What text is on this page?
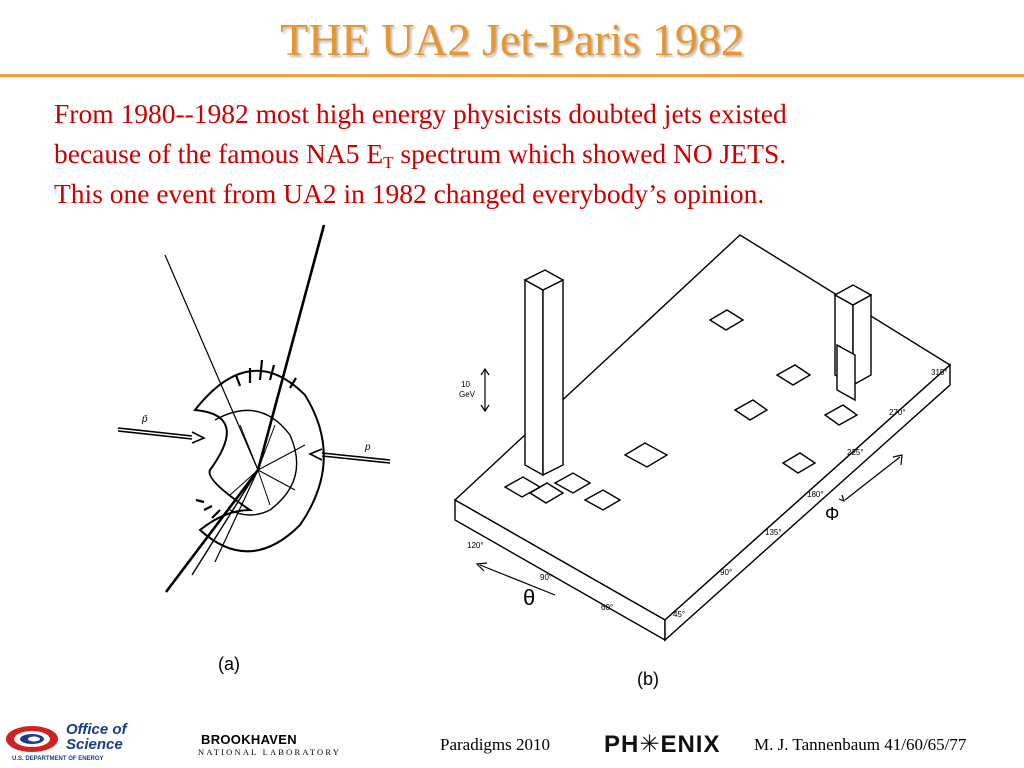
THE UA2 Jet-Paris 1982
From 1980--1982 most high energy physicists doubted jets existed
because of the famous NA5 $E_T$ spectrum which showed NO JETS.
This one event from UA2 in 1982 changed everybody’s opinion.
p̄
p
(a)
10
GeV
θ
120°
90°
60°
45°
Φ
315°
270°
225°
180°
135°
90°
(b)
Office of
Science
U.S. DEPARTMENT OF ENERGY
BROOKHAVEN
NATIONAL LABORATORY	Paradigms 2010 PH✳ENIX M. J. Tannenbaum 41/60/65/77
